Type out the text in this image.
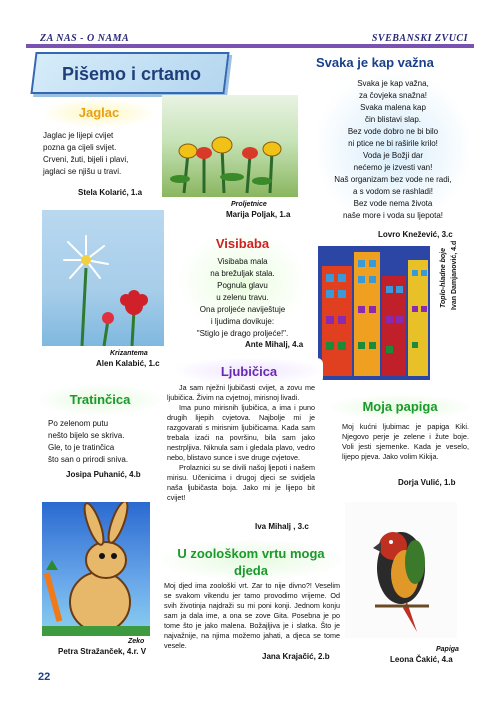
ZA NAS - O NAMA	SVEBANSKI ZVUCI
Pišemo i crtamo
Jaglac
Jaglac je lijepi cvijet
pozna ga cijeli svijet.
Crveni, žuti, bijeli i plavi,
jaglaci se njišu u travi.
Stela Kolarić, 1.a
Proljetnice
Marija Poljak, 1.a
Svaka je kap važna
Svaka je kap važna,
za čovjeka snažna!
Svaka malena kap
čin blistavi slap.
Bez vode dobro ne bi bilo
ni ptice ne bi raširile krilo!
Voda je Božji dar
nećemo je izvesti van!
Naš organizam bez vode ne radi,
a s vodom se rashladi!
Bez vode nema života
naše more i voda su ljepota!
Lovro Knežević, 3.c
Krizantema
Alen Kalabić, 1.c
Visibaba
Visibaba mala
na brežuljak stala.
Pognula glavu
u zelenu travu.
Ona proljeće naviještuje
i ljudima dovikuje:
"Stiglo je drago proljeće!".
Ante Mihalj, 4.a
Toplo-hladne boje Ivan Damjanović, 4.d
Ljubičica

Ja sam nježni ljubičasti cvijet, a zovu me ljubičica. Živim na cvjetnoj, mirisnoj livadi.

Ima puno mirisnih ljubičica, a ima i puno drugih lijepih cvjetova. Najbolje mi je razgovarati s mirisnim ljubičicama. Kada sam trebala izaći na površinu, bila sam jako nestrpljiva. Niknula sam i gledala plavo, vedro nebo, blistavo sunce i sve druge cvjetove.

Prolaznici su se divili našoj ljepoti i našem mirisu. Učenicima i drugoj djeci se svidjela naša ljubičasta boja. Jako mi je lijepo bit cvijet!

Iva Mihalj , 3.c
Tratinčica
Po zelenom putu
nešto bijelo se skriva.
Gle, to je tratinčica
što san o prirodi sniva.
Josipa Puhanić, 4.b
Moja papiga
Moj kućni ljubimac je papiga Kiki. Njegovo perje je zelene i žute boje. Voli jesti sjemenke. Kada je veselo, lijepo pjeva. Jako volim Kikija.
Dorja Vulić, 1.b
Zeko
Petra Stražanček, 4.r. V
U zoološkom vrtu moga
djeda
Moj djed ima zoološki vrt. Zar to nije divno?! Veselim se svakom vikendu jer tamo provodimo vrijeme. Od svih životinja najdraži su mi poni konji. Jednom konju sam ja dala ime, a ona se zove Gita. Posebna je po tome što je jako malena. Božajljiva je i slatka. Što je najvažnije, na njima možemo jahati, a djeca se tome vesele.
Jana Krajačić, 2.b
Papiga
Leona Čakić, 4.a
22
